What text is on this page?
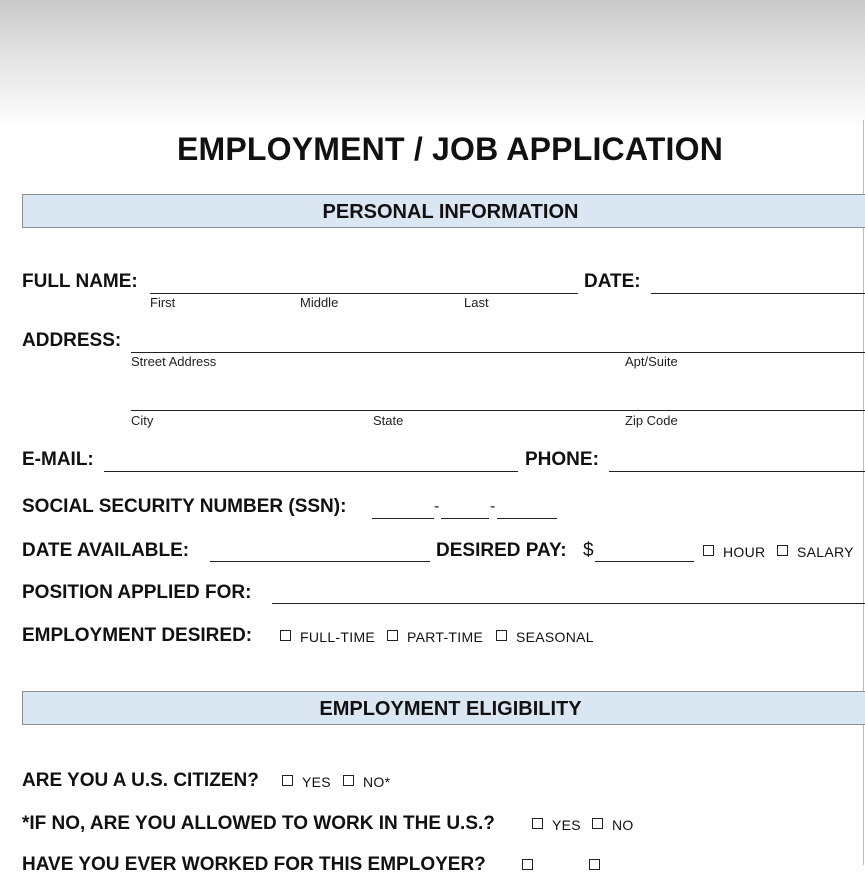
EMPLOYMENT / JOB APPLICATION
PERSONAL INFORMATION
FULL NAME:
First	Middle	Last
DATE:
ADDRESS:
Street Address	Apt/Suite
City	State	Zip Code
E-MAIL:	PHONE:
SOCIAL SECURITY NUMBER (SSN):	-	-
DATE AVAILABLE:	DESIRED PAY: $	HOUR SALARY
POSITION APPLIED FOR:
EMPLOYMENT DESIRED:	FULL-TIME PART-TIME SEASONAL
EMPLOYMENT ELIGIBILITY
ARE YOU A U.S. CITIZEN?	YES NO*
*IF NO, ARE YOU ALLOWED TO WORK IN THE U.S.?	YES NO
HAVE YOU EVER WORKED FOR THIS EMPLOYER?
